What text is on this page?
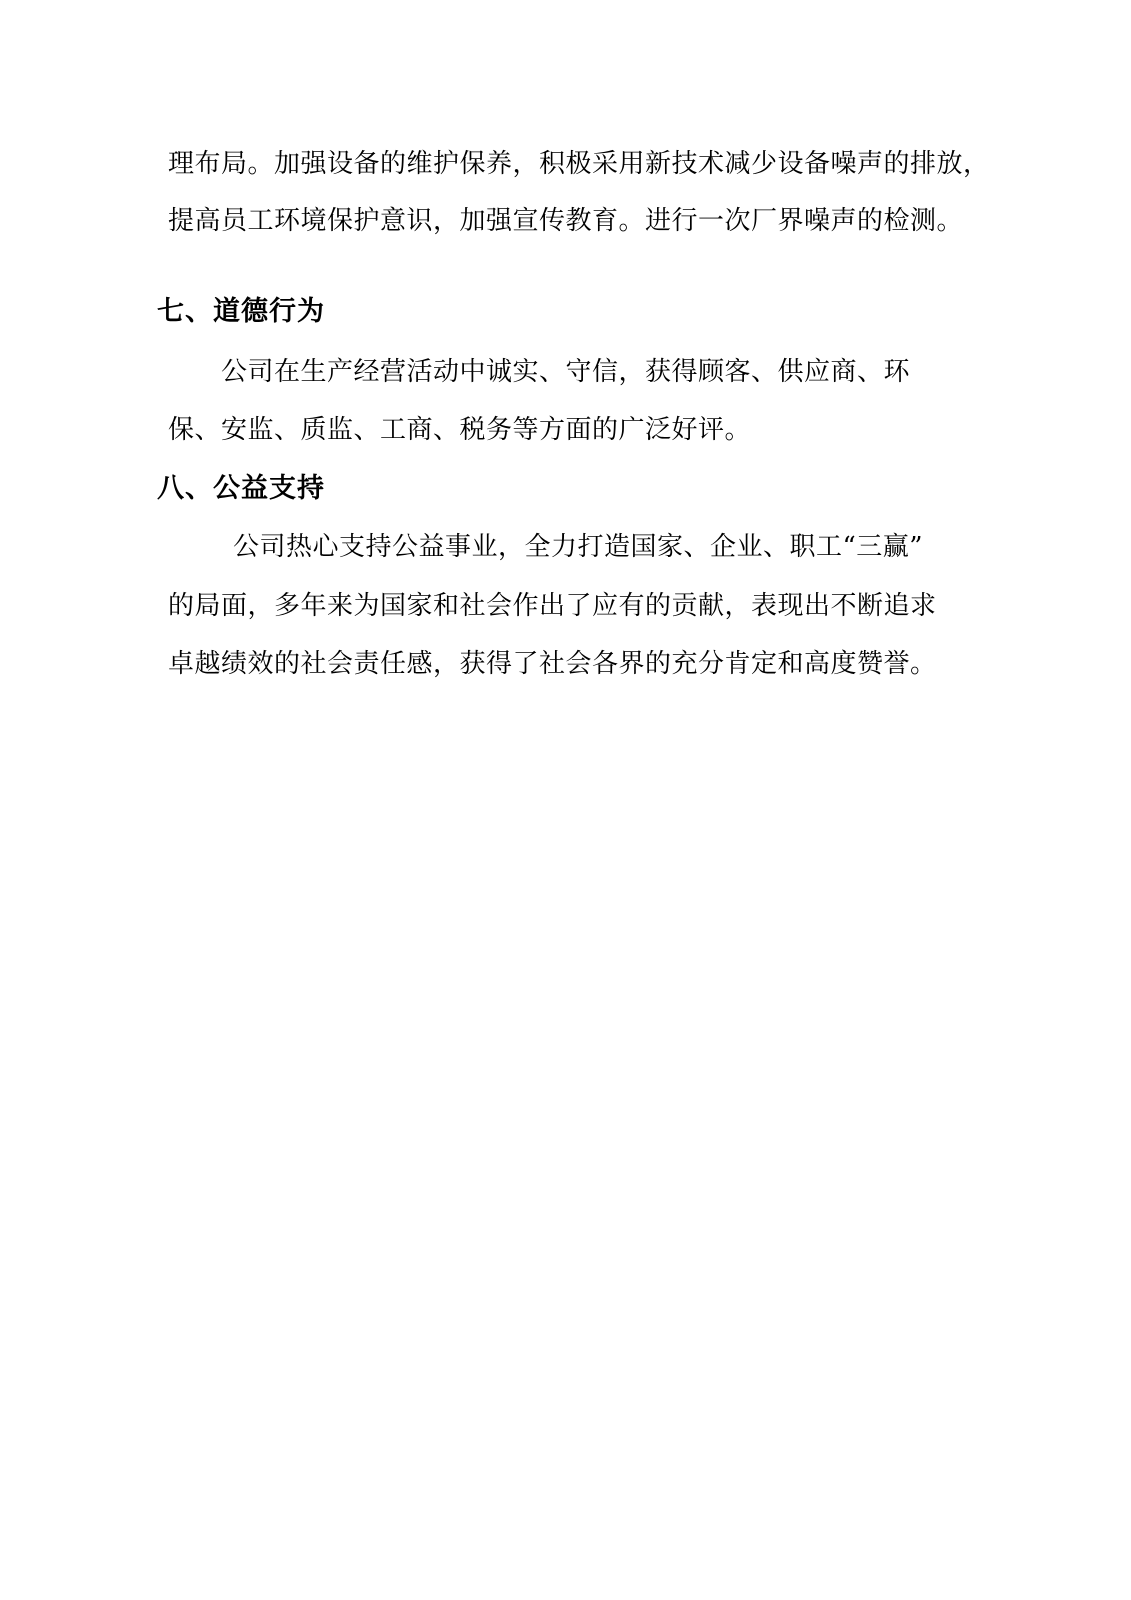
理布局。加强设备的维护保养，积极采用新技术减少设备噪声的排放，
提高员工环境保护意识，加强宣传教育。进行一次厂界噪声的检测。
七、道德行为
公司在生产经营活动中诚实、守信，获得顾客、供应商、环
保、安监、质监、工商、税务等方面的广泛好评。
八、公益支持
公司热心支持公益事业，全力打造国家、企业、职工“三赢”
的局面，多年来为国家和社会作出了应有的贡献，表现出不断追求
卓越绩效的社会责任感，获得了社会各界的充分肯定和高度赞誉。
